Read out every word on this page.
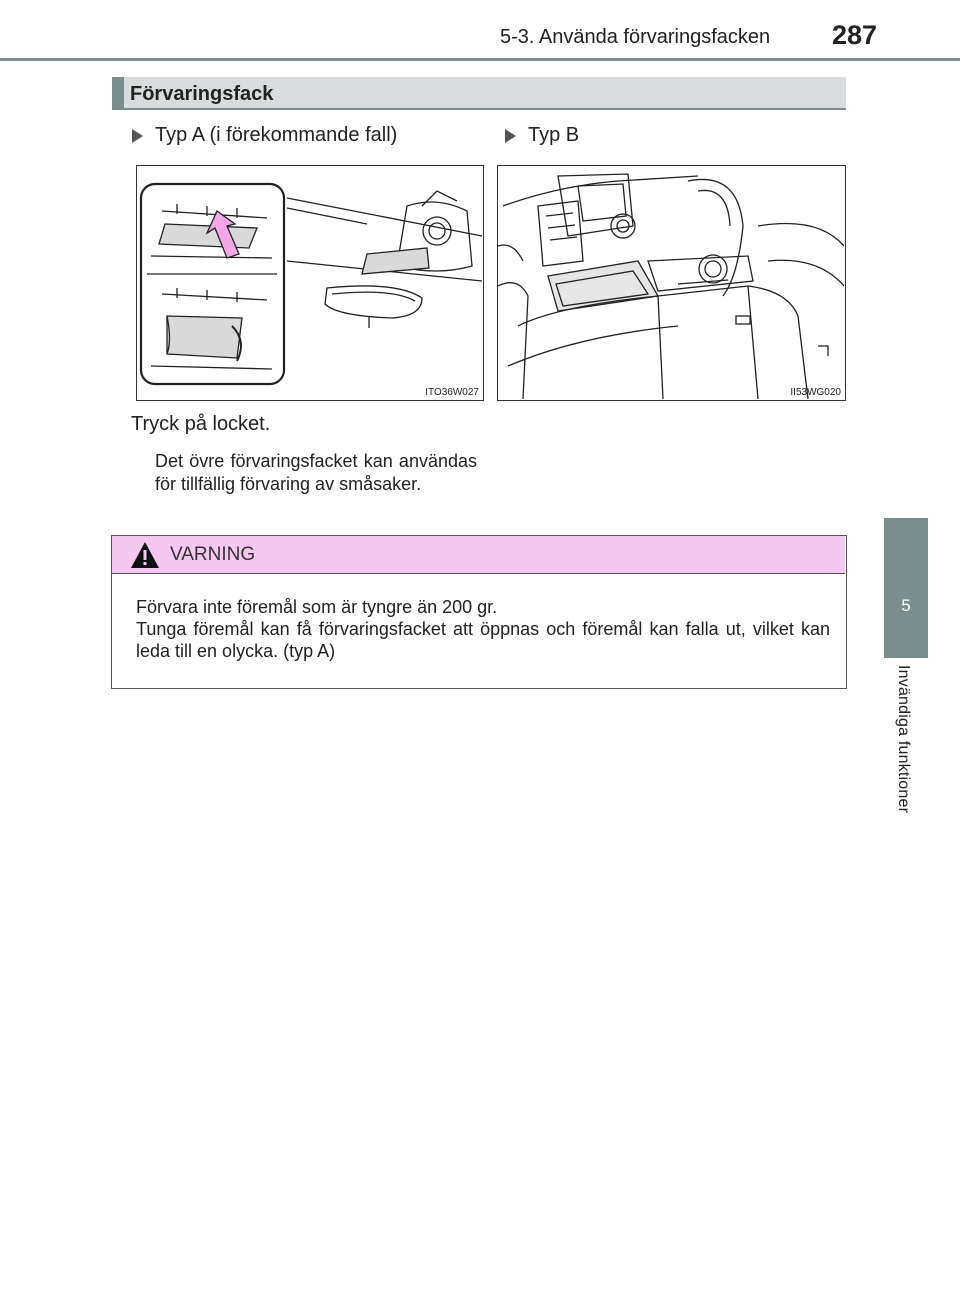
5-3. Använda förvaringsfacken 287
5
Invändiga funktioner
Förvaringsfack
Typ A (i förekommande fall)	Typ B
ITO36W027	II53WG020
Tryck på locket.
Det övre förvaringsfacket kan användas för tillfällig förvaring av småsaker.
VARNING

Förvara inte föremål som är tyngre än 200 gr.

Tunga föremål kan få förvaringsfacket att öppnas och föremål kan falla ut, vilket kan leda till en olycka. (typ A)
